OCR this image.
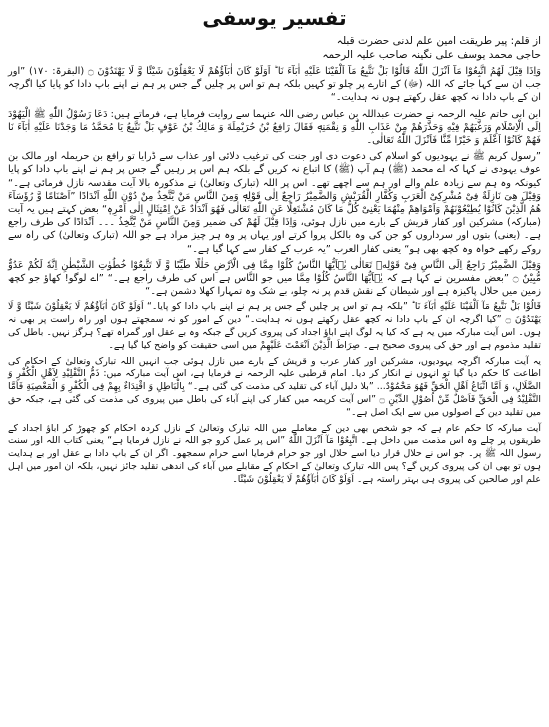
تفسیر یوسفی
از قلم: پیر طریقت امین علم لدنی حضرت قبلہ
حاجی محمد یوسف علی نگینہ صاحب علیہ الرحمہ

وَاِذَا قِیْلَ لَهُمُ اتَّبِعُوْا مَآ اَنْزَلَ اللّٰهُ قَالُوْا بَلْ نَتَّبِعُ مَآ اَلْفَیْنَا عَلَیْهِ اٰبَآءَ نَا ؕ اَوَلَوْ كَانَ اٰبَآؤُهُمْ لَا یَعْقِلُوْنَ شَیْئًا وَّ لَا یَهْتَدُوْنَ ۝ (البقرۃ: ۱۷۰) ”اور جب ان سے کہا جائے کہ اللہ (ﷻ) کے اتارے پر چلو تو کہیں بلکہ ہم تو اس پر چلیں گے جس پر ہم نے اپنے باپ دادا کو پایا کیا اگرچہ ان کے باپ دادا نہ کچھ عقل رکھتے ہوں نہ ہدایت۔“

ابن ابی حاتم علیہ الرحمہ نے حضرت عبداللہ بن عباس رضی اللہ عنہما سے روایت فرمایا ہے، فرماتے ہیں: دَعَا رَسُوْلُ اللّٰهِ ﷺ الْیَهُوْدَ اِلَی الْاِسْلَامِ وَرَغَّبَهُمْ فِیْهِ وَحَذَّرَهُمْ مِنْ عَذَابِ اللّٰهِ وَ نِقْمَتِهٖ فَقَالَ رَافِعُ بْنُ حُرَیْمِلَةَ وَ مَالِكُ بْنُ عَوْفٍ بَلْ نَتَّبِعُ یَا مُحَمَّدُ مَا وَجَدْنَا عَلَیْهِ اٰبَآءَ نَا فَهُمْ كَانُوْا اَعْلَمَ وَ خَیْرًا مِّنَّا فَاَنْزَلَ اللّٰهُ تَعَالٰی۔

”رسول کریم ﷺ نے یہودیوں کو اسلام کی دعوت دی اور جنت کی ترغیب دلائی اور عذاب سے ڈرایا تو رافع بن حریملہ اور مالک بن عوف یہودی نے کہا کہ اے محمد (ﷺ) ہم آپ (ﷺ) کا اتباع نہ کریں گے بلکہ ہم اس پر رہیں گے جس پر ہم نے اپنے باپ دادا کو پایا کیونکہ وہ ہم سے زیادہ علم والے اور ہم سے اچھے تھے۔ اس پر اللہ (تبارک وتعالیٰ) نے مذکورہ بالا آیت مقدسہ نازل فرمائی ہے۔“ وَقِیْلَ هِیَ نَازِلَةٌ فِیْ مُشْرِكِیْ الْعَرَبِ وَكُفَّارِ الْقُرَیْشِ وَالضَّمِیْرُ رَاجِعٌ اِلٰی قَوْلِهٖ وَمِنَ النَّاسِ مَنْ یَّتَّخِذُ مِنْ دُوْنِ اللّٰهِ اَنْدَادًا ”اَصْنَامًا وَّ رُؤَسَآءَ هُمُ الَّذِیْنَ كَانُوْا یُطِیْعُوْنَهُمْ وَاَمْوَاهِمْ مِنْهُمَا یَعْنِیْ كُلُّ مَا كَانَ مُشْتَغِلًا عَنِ اللّٰهِ تَعَالٰی فَهُوَ اَنْدَادٌ عَنْ اِمْتِثَالٍ اِلٰی اَمْرِهٖ“ بعض کہتے ہیں یہ آیت (مبارکہ) مشرکین اور کفار قریش کے بارے میں نازل ہوئی، وَاِذَا قِیْلَ لَهُمْ کی ضمیر وَمِنَ النَّاسِ مَنْ یَّتَّخِذُ ۔۔۔ اَنْدَادًا کی طرف راجع ہے۔ (یعنی) بتوں اور سرداروں کو جن کی وہ بالکل پروا کرتے اور یہاں پر وہ ہر چیز مراد ہے جو اللہ (تبارک وتعالیٰ) کی راہ سے روکے رکھے خواہ وہ کچھ بھی ہو“ یعنی کفار العرب ”یہ عرب کے کفار سے کہا گیا ہے۔“

وَقِیْلَ الضَّمِیْرُ رَاجِعٌ اِلَی النَّاسِ فِیْ قَوْلِهٖ تَعَالٰی یٰۤاَیُّهَا النَّاسُ كُلُوْا مِمَّا فِی الْاَرْضِ حَلٰلًا طَیِّبًا وَّ لَا تَتَّبِعُوْا خُطُوٰتِ الشَّیْطٰنِ اِنَّهٗ لَكُمْ عَدُوٌّ مُّبِیْنٌ ۝ ”بعض مفسرین نے کہا ہے کہ یٰۤاَیُّهَا النَّاسُ كُلُوْا مِمَّا میں جو النَّاس ہے اس کی طرف راجع ہے۔“ ”اے لوگو! کھاؤ جو کچھ زمین میں حلال پاکیزہ ہے اور شیطان کے نقش قدم پر نہ چلو، بے شک وہ تمہارا کھلا دشمن ہے۔“

قَالُوْا بَلْ نَتَّبِعُ مَآ اَلْفَیْنَا عَلَیْهِ اٰبَآءَ نَا ؕ ”بلکہ ہم تو اس پر چلیں گے جس پر ہم نے اپنے باپ دادا کو پایا۔“ اَوَلَوْ كَانَ اٰبَآؤُهُمْ لَا یَعْقِلُوْنَ شَیْئًا وَّ لَا یَهْتَدُوْنَ ۝ ”کیا اگرچہ ان کے باپ دادا نہ کچھ عقل رکھتے ہوں نہ ہدایت۔“ دین کے امور کو نہ سمجھتے ہوں اور راہ راست پر بھی نہ ہوں۔ اس آیت مبارکہ میں یہ ہے کہ کیا یہ لوگ اپنے اباؤ اجداد کی پیروی کریں گے جبکہ وہ بے عقل اور گمراہ تھے؟ ہرگز نہیں۔ باطل کی تقلید مذموم ہے اور حق کی پیروی صحیح ہے۔ صِرَاطَ الَّذِیْنَ اَنْعَمْتَ عَلَیْهِمْ میں اسی حقیقت کو واضح کیا گیا ہے۔

یہ آیت مبارکہ اگرچہ یہودیوں، مشرکین اور کفار عرب و قریش کے بارے میں نازل ہوئی جب انہیں اللہ تبارک وتعالیٰ کے احکام کی اطاعت کا حکم دیا گیا تو انہوں نے انکار کر دیا۔ امام قرطبی علیہ الرحمہ نے فرمایا ہے، اس آیت مبارکہ میں: ذَمُّ التَّقْلِیْدِ لِاَهْلِ الْكُفْرِ وَ الضَّلَالِ، وَ اَمَّا اتِّبَاعُ اَهْلِ الْحَقِّ فَهُوَ مَحْمُوْدٌ... ”بلا دلیل آباء کی تقلید کی مذمت کی گئی ہے۔“ بِالْبَاطِلِ وَ اقْتِدَاءٌ بِهِمْ فِی الْكُفْرِ وَ الْمَعْصِیَةِ فَاَمَّا التَّقْلِیْدُ فِی الْحَقِّ فَاَصْلٌ مِّنْ اُصُوْلِ الدِّیْنِ ۝ ”اس آیت کریمہ میں کفار کی اپنے آباء کی باطل میں پیروی کی مذمت کی گئی ہے، جبکہ حق میں تقلید دین کے اصولوں میں سے ایک اصل ہے۔“

آیت مبارکہ کا حکم عام ہے کہ جو شخص بھی دین کے معاملے میں اللہ تبارک وتعالیٰ کے نازل کردہ احکام کو چھوڑ کر اباؤ اجداد کے طریقوں پر چلے وہ اس مذمت میں داخل ہے۔ اتَّبِعُوْا مَآ اَنْزَلَ اللّٰهُ ”اس پر عمل کرو جو اللہ نے نازل فرمایا ہے“ یعنی کتاب اللہ اور سنت رسول اللہ ﷺ پر۔ جو اس نے حلال قرار دیا اسے حلال اور جو حرام فرمایا اسے حرام سمجھو۔ اگر ان کے باپ دادا بے عقل اور بے ہدایت ہوں تو بھی ان کی پیروی کریں گے؟ پس اللہ تبارک وتعالیٰ کے احکام کے مقابلے میں آباء کی اندھی تقلید جائز نہیں، بلکہ ان امور میں اہل علم اور صالحین کی پیروی ہی بہتر راستہ ہے۔ اَوَلَوْ كَانَ اٰبَآؤُهُمْ لَا یَعْقِلُوْنَ شَیْئًا۔
